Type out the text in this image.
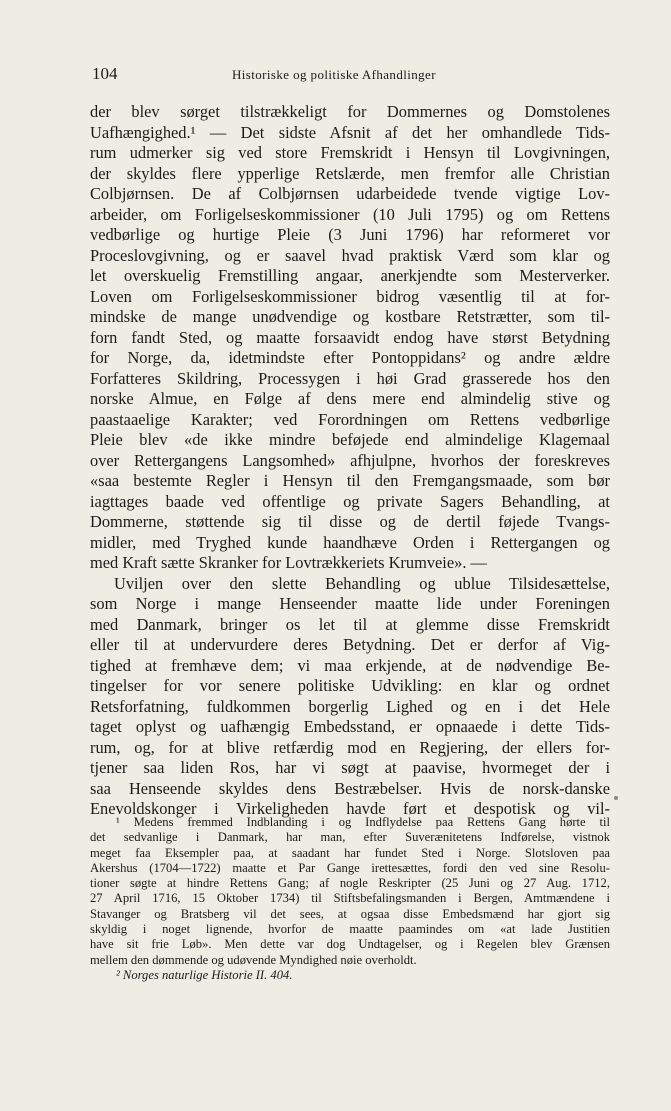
104	Historiske og politiske Afhandlinger
der blev sørget tilstrækkeligt for Dommernes og Domstolenes
Uafhængighed.¹ — Det sidste Afsnit af det her omhandlede Tids-
rum udmerker sig ved store Fremskridt i Hensyn til Lovgivningen,
der skyldes flere ypperlige Retslærde, men fremfor alle Christian
Colbjørnsen. De af Colbjørnsen udarbeidede tvende vigtige Lov-
arbeider, om Forligelseskommissioner (10 Juli 1795) og om Rettens
vedbørlige og hurtige Pleie (3 Juni 1796) har reformeret vor
Proceslovgivning, og er saavel hvad praktisk Værd som klar og
let overskuelig Fremstilling angaar, anerkjendte som Mesterverker.
Loven om Forligelseskommissioner bidrog væsentlig til at for-
mindske de mange unødvendige og kostbare Retstrætter, som til-
forn fandt Sted, og maatte forsaavidt endog have størst Betydning
for Norge, da, idetmindste efter Pontoppidans² og andre ældre
Forfatteres Skildring, Processygen i høi Grad grasserede hos den
norske Almue, en Følge af dens mere end almindelig stive og
paastaaelige Karakter; ved Forordningen om Rettens vedbørlige
Pleie blev «de ikke mindre beføjede end almindelige Klagemaal
over Rettergangens Langsomhed» afhjulpne, hvorhos der foreskreves
«saa bestemte Regler i Hensyn til den Fremgangsmaade, som bør
iagttages baade ved offentlige og private Sagers Behandling, at
Dommerne, støttende sig til disse og de dertil føjede Tvangs-
midler, med Tryghed kunde haandhæve Orden i Rettergangen og
med Kraft sætte Skranker for Lovtrækkeriets Krumveie». —
Uviljen over den slette Behandling og ublue Tilsidesættelse,
som Norge i mange Henseender maatte lide under Foreningen
med Danmark, bringer os let til at glemme disse Fremskridt
eller til at undervurdere deres Betydning. Det er derfor af Vig-
tighed at fremhæve dem; vi maa erkjende, at de nødvendige Be-
tingelser for vor senere politiske Udvikling: en klar og ordnet
Retsforfatning, fuldkommen borgerlig Lighed og en i det Hele
taget oplyst og uafhængig Embedsstand, er opnaaede i dette Tids-
rum, og, for at blive retfærdig mod en Regjering, der ellers for-
tjener saa liden Ros, har vi søgt at paavise, hvormeget der i
saa Henseende skyldes dens Bestræbelser. Hvis de norsk-danske
Enevoldskonger i Virkeligheden havde ført et despotisk og vil-
¹ Medens fremmed Indblanding i og Indflydelse paa Rettens Gang hørte til
det sedvanlige i Danmark, har man, efter Suverænitetens Indførelse, vistnok
meget faa Eksempler paa, at saadant har fundet Sted i Norge. Slotsloven paa
Akershus (1704—1722) maatte et Par Gange irettesættes, fordi den ved sine Resolu-
tioner søgte at hindre Rettens Gang; af nogle Reskripter (25 Juni og 27 Aug. 1712,
27 April 1716, 15 Oktober 1734) til Stiftsbefalingsmanden i Bergen, Amtmændene i
Stavanger og Bratsberg vil det sees, at ogsaa disse Embedsmænd har gjort sig
skyldig i noget lignende, hvorfor de maatte paamindes om «at lade Justitien
have sit frie Løb». Men dette var dog Undtagelser, og i Regelen blev Grænsen
mellem den dømmende og udøvende Myndighed nøie overholdt.
² Norges naturlige Historie II. 404.
